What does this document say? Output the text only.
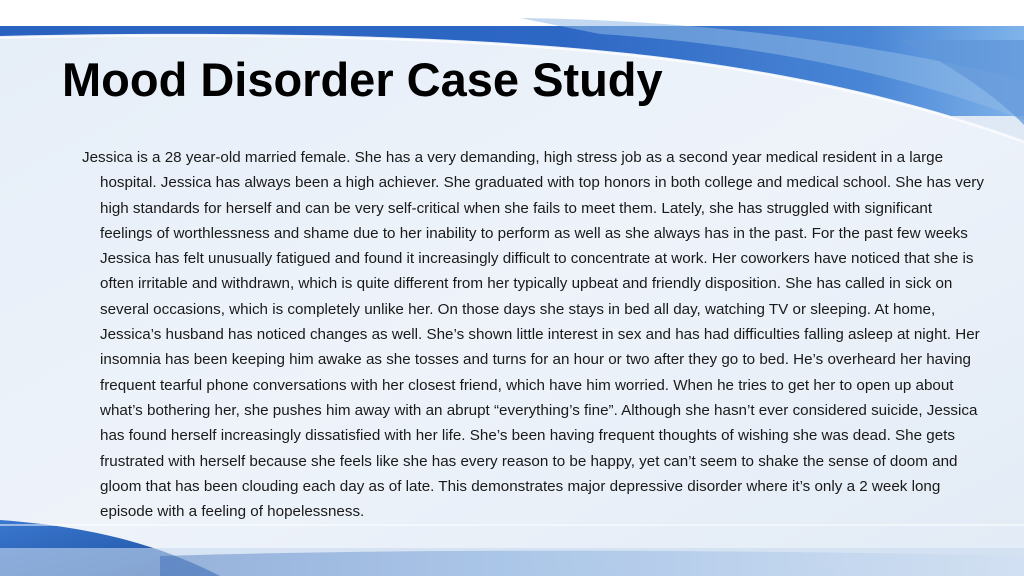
Mood Disorder Case Study

Jessica is a 28 year-old married female. She has a very demanding, high stress job as a second year medical resident in a large hospital. Jessica has always been a high achiever. She graduated with top honors in both college and medical school. She has very high standards for herself and can be very self-critical when she fails to meet them. Lately, she has struggled with significant feelings of worthlessness and shame due to her inability to perform as well as she always has in the past. For the past few weeks Jessica has felt unusually fatigued and found it increasingly difficult to concentrate at work. Her coworkers have noticed that she is often irritable and withdrawn, which is quite different from her typically upbeat and friendly disposition. She has called in sick on several occasions, which is completely unlike her. On those days she stays in bed all day, watching TV or sleeping. At home, Jessica’s husband has noticed changes as well. She’s shown little interest in sex and has had difficulties falling asleep at night. Her insomnia has been keeping him awake as she tosses and turns for an hour or two after they go to bed. He’s overheard her having frequent tearful phone conversations with her closest friend, which have him worried. When he tries to get her to open up about what’s bothering her, she pushes him away with an abrupt “everything’s fine”. Although she hasn’t ever considered suicide, Jessica has found herself increasingly dissatisfied with her life. She’s been having frequent thoughts of wishing she was dead. She gets frustrated with herself because she feels like she has every reason to be happy, yet can’t seem to shake the sense of doom and gloom that has been clouding each day as of late. This demonstrates major depressive disorder where it’s only a 2 week long episode with a feeling of hopelessness.
